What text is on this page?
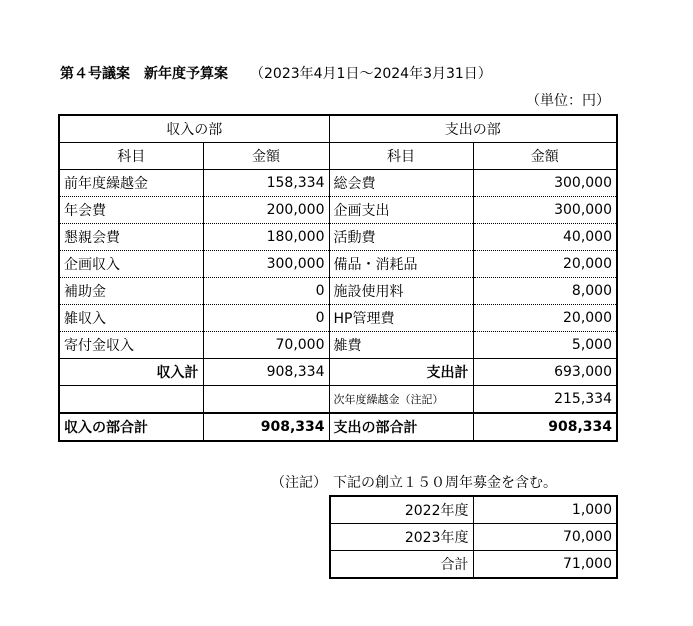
第４号議案 新年度予算案 （2023年4月1日～2024年3月31日）
（単位：円）
収入の部		支出の部	
科目	金額	科目	金額
前年度繰越金	158,334	総会費	300,000
年会費	200,000	企画支出	300,000
懇親会費	180,000	活動費	40,000
企画収入	300,000	備品・消耗品	20,000
補助金	0	施設使用料	8,000
雑収入	0	HP管理費	20,000
寄付金収入	70,000	雑費	5,000
収入計	908,334	支出計	693,000
		次年度繰越金（注記）	215,334
収入の部合計	908,334	支出の部合計	908,334
（注記） 下記の創立１５０周年募金を含む。
2022年度	1,000
2023年度	70,000
合計	71,000
